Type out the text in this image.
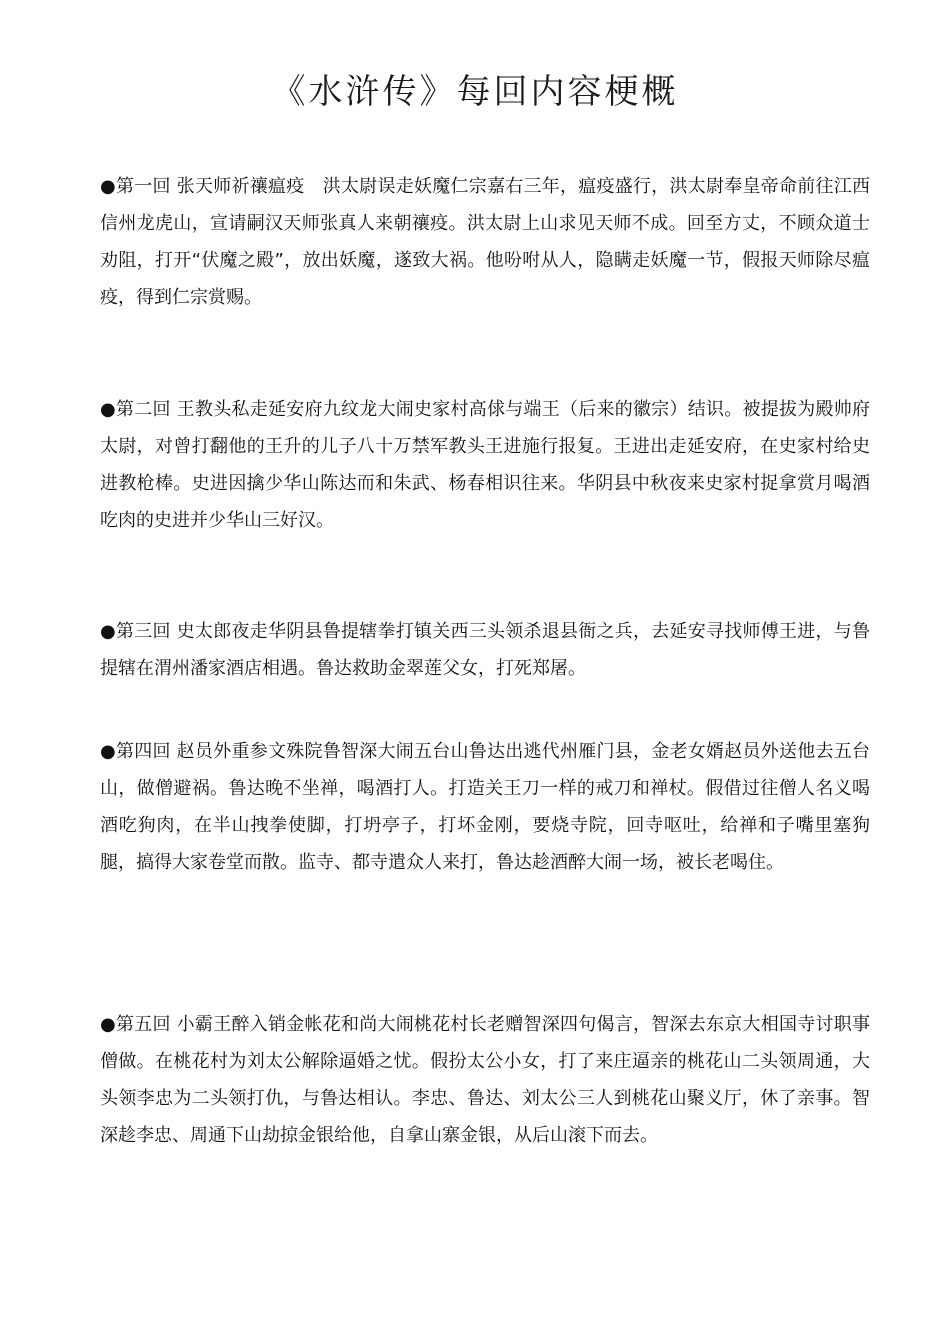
《水浒传》每回内容梗概
●第一回 张天师祈禳瘟疫　洪太尉误走妖魔仁宗嘉右三年，瘟疫盛行，洪太尉奉皇帝命前往江西信州龙虎山，宣请嗣汉天师张真人来朝禳疫。洪太尉上山求见天师不成。回至方丈，不顾众道士劝阻，打开“伏魔之殿”，放出妖魔，遂致大祸。他吩咐从人，隐瞒走妖魔一节，假报天师除尽瘟疫，得到仁宗赏赐。
●第二回 王教头私走延安府九纹龙大闹史家村高俅与端王（后来的徽宗）结识。被提拔为殿帅府太尉，对曾打翻他的王升的儿子八十万禁军教头王进施行报复。王进出走延安府，在史家村给史进教枪棒。史进因擒少华山陈达而和朱武、杨春相识往来。华阴县中秋夜来史家村捉拿赏月喝酒吃肉的史进并少华山三好汉。
●第三回 史太郎夜走华阴县鲁提辖拳打镇关西三头领杀退县衙之兵，去延安寻找师傅王进，与鲁提辖在渭州潘家酒店相遇。鲁达救助金翠莲父女，打死郑屠。
●第四回 赵员外重参文殊院鲁智深大闹五台山鲁达出逃代州雁门县，金老女婿赵员外送他去五台山，做僧避祸。鲁达晚不坐禅，喝酒打人。打造关王刀一样的戒刀和禅杖。假借过往僧人名义喝酒吃狗肉，在半山拽拳使脚，打坍亭子，打坏金刚，要烧寺院，回寺呕吐，给禅和子嘴里塞狗腿，搞得大家卷堂而散。监寺、都寺遣众人来打，鲁达趁酒醉大闹一场，被长老喝住。
●第五回 小霸王醉入销金帐花和尚大闹桃花村长老赠智深四句偈言，智深去东京大相国寺讨职事僧做。在桃花村为刘太公解除逼婚之忧。假扮太公小女，打了来庄逼亲的桃花山二头领周通，大头领李忠为二头领打仇，与鲁达相认。李忠、鲁达、刘太公三人到桃花山聚义厅，休了亲事。智深趁李忠、周通下山劫掠金银给他，自拿山寨金银，从后山滚下而去。
